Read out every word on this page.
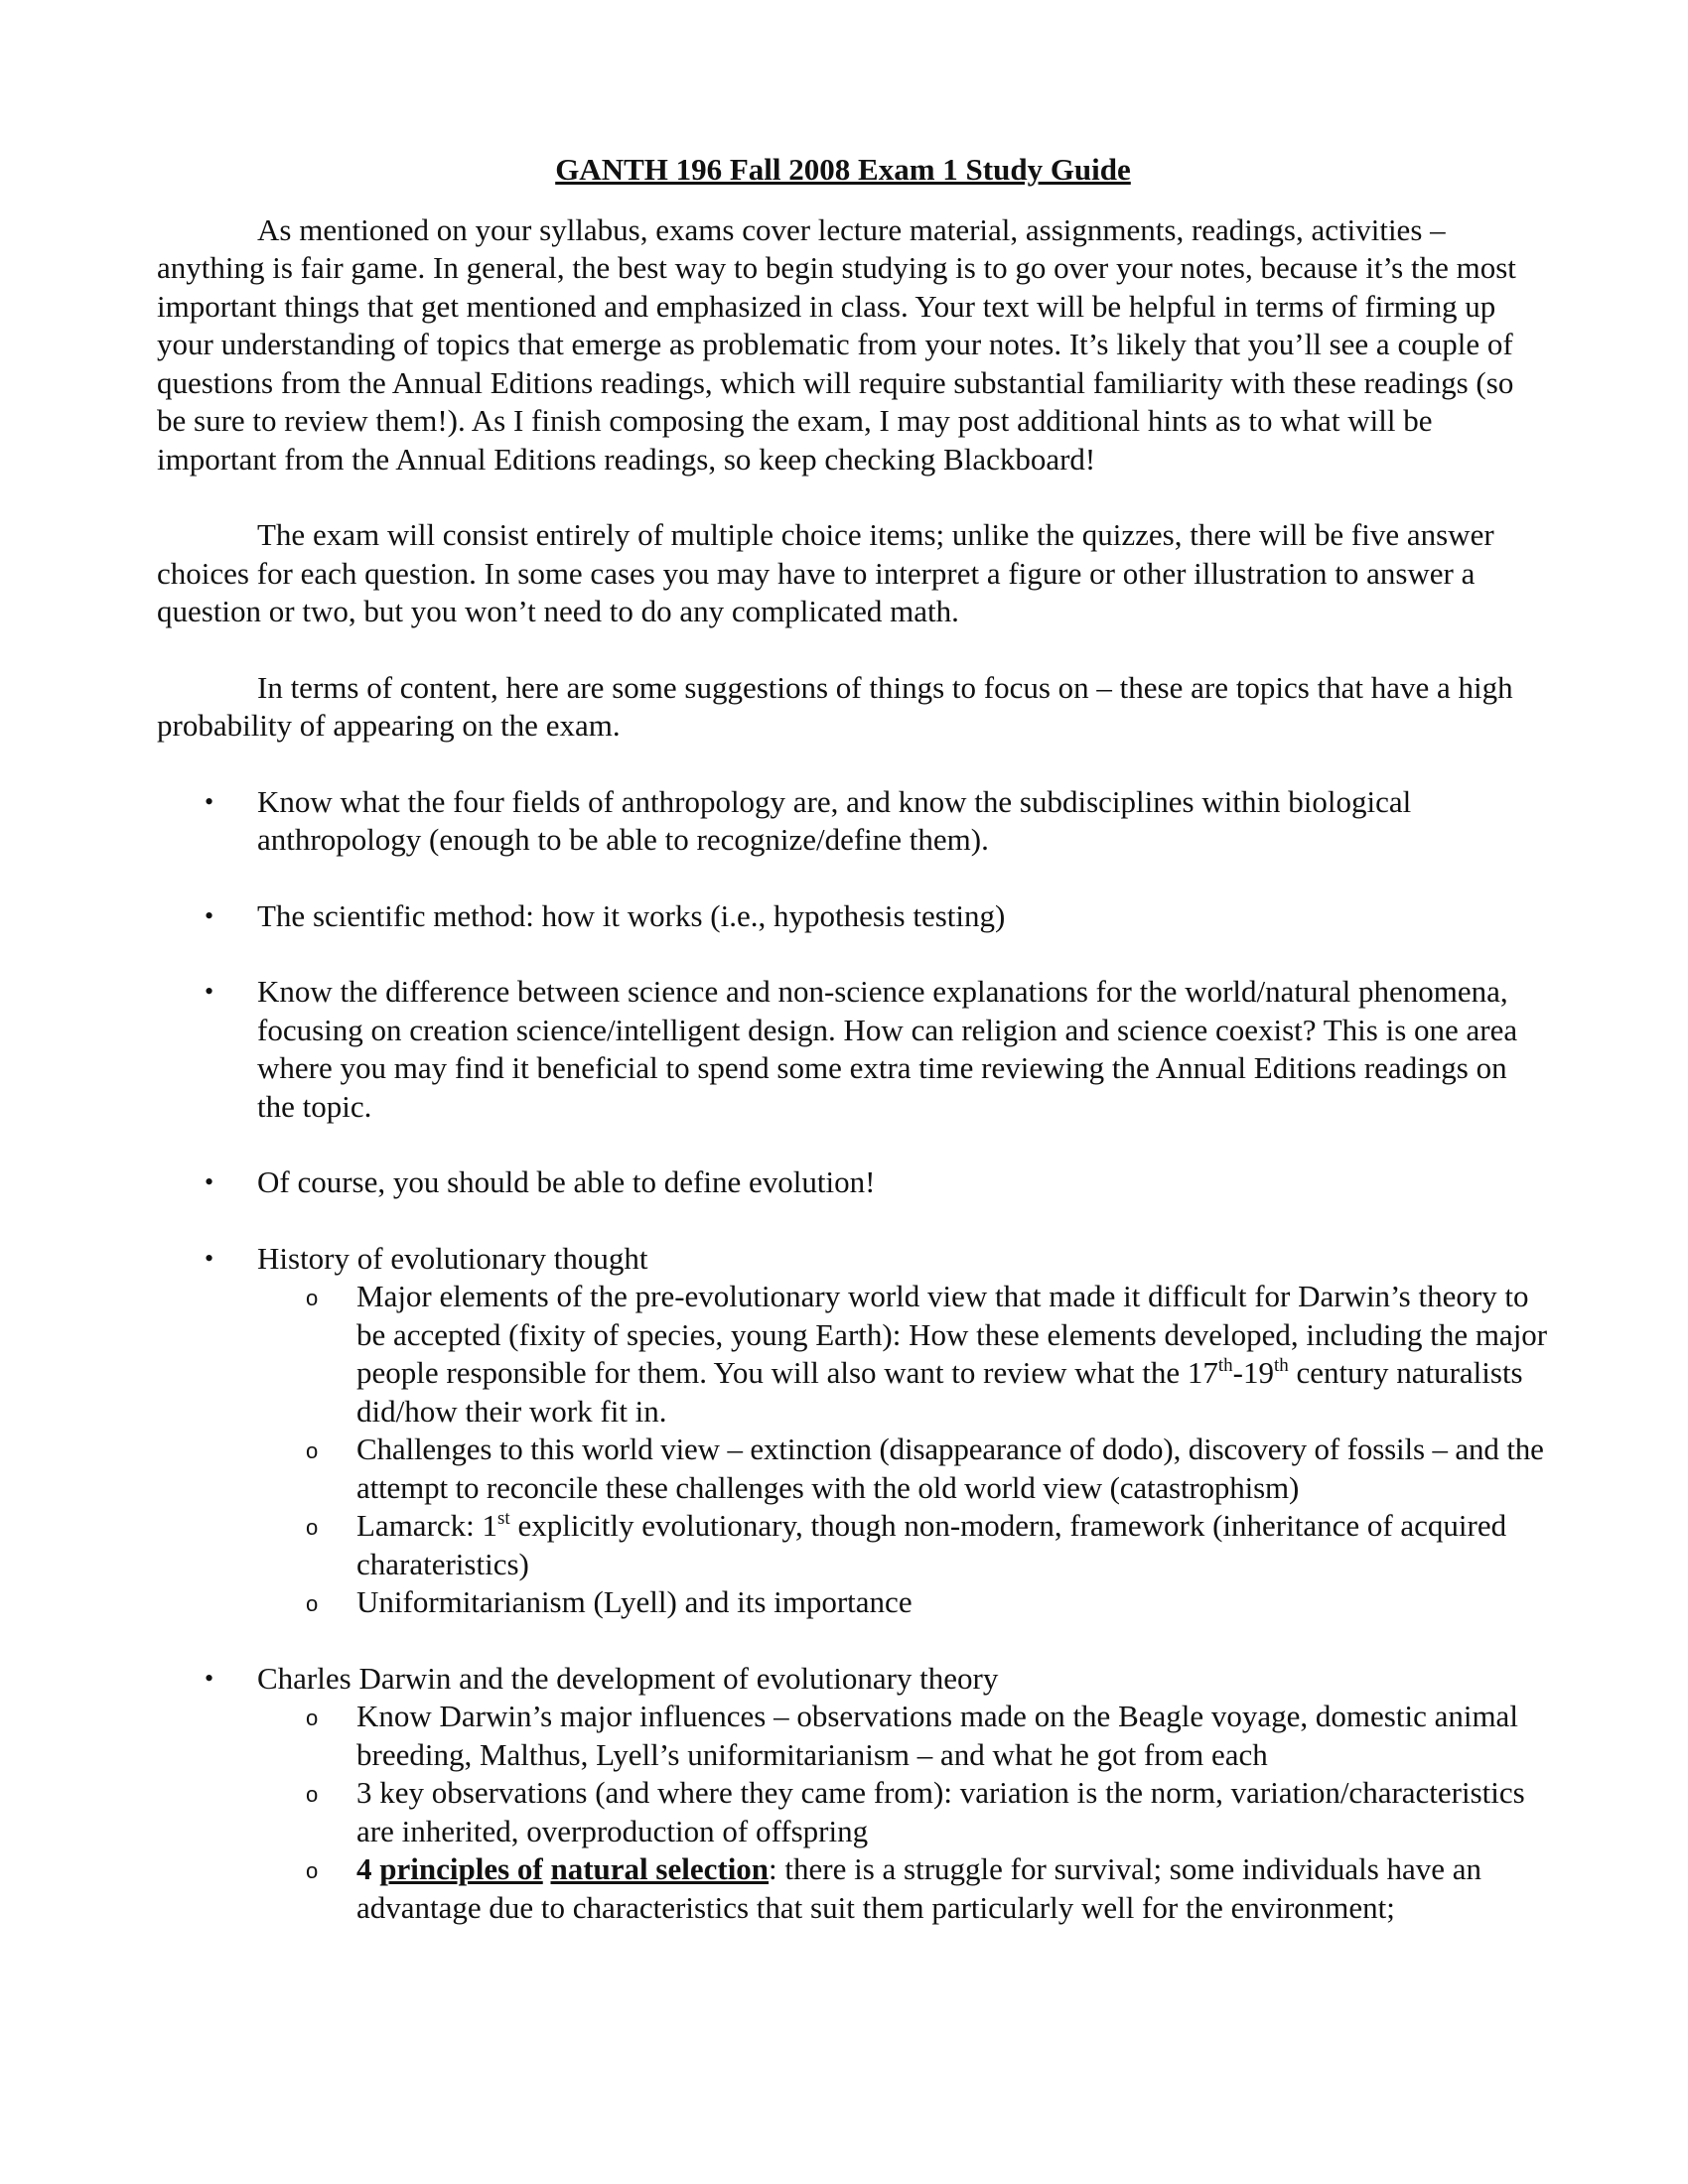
GANTH 196 Fall 2008 Exam 1 Study Guide

As mentioned on your syllabus, exams cover lecture material, assignments, readings, activities – anything is fair game. In general, the best way to begin studying is to go over your notes, because it’s the most important things that get mentioned and emphasized in class. Your text will be helpful in terms of firming up your understanding of topics that emerge as problematic from your notes. It’s likely that you’ll see a couple of questions from the Annual Editions readings, which will require substantial familiarity with these readings (so be sure to review them!). As I finish composing the exam, I may post additional hints as to what will be important from the Annual Editions readings, so keep checking Blackboard!

The exam will consist entirely of multiple choice items; unlike the quizzes, there will be five answer choices for each question. In some cases you may have to interpret a figure or other illustration to answer a question or two, but you won’t need to do any complicated math.

In terms of content, here are some suggestions of things to focus on – these are topics that have a high probability of appearing on the exam.

• Know what the four fields of anthropology are, and know the subdisciplines within biological anthropology (enough to be able to recognize/define them).
• The scientific method: how it works (i.e., hypothesis testing)
• Know the difference between science and non-science explanations for the world/natural phenomena, focusing on creation science/intelligent design. How can religion and science coexist? This is one area where you may find it beneficial to spend some extra time reviewing the Annual Editions readings on the topic.
• Of course, you should be able to define evolution!
• History of evolutionary thought
o Major elements of the pre-evolutionary world view that made it difficult for Darwin’s theory to be accepted (fixity of species, young Earth): How these elements developed, including the major people responsible for them. You will also want to review what the 17th-19th century naturalists did/how their work fit in.
o Challenges to this world view – extinction (disappearance of dodo), discovery of fossils – and the attempt to reconcile these challenges with the old world view (catastrophism)
o Lamarck: 1st explicitly evolutionary, though non-modern, framework (inheritance of acquired charateristics)
o Uniformitarianism (Lyell) and its importance
• Charles Darwin and the development of evolutionary theory
o Know Darwin’s major influences – observations made on the Beagle voyage, domestic animal breeding, Malthus, Lyell’s uniformitarianism – and what he got from each
o 3 key observations (and where they came from): variation is the norm, variation/characteristics are inherited, overproduction of offspring
o 4 principles of natural selection: there is a struggle for survival; some individuals have an advantage due to characteristics that suit them particularly well for the environment;
